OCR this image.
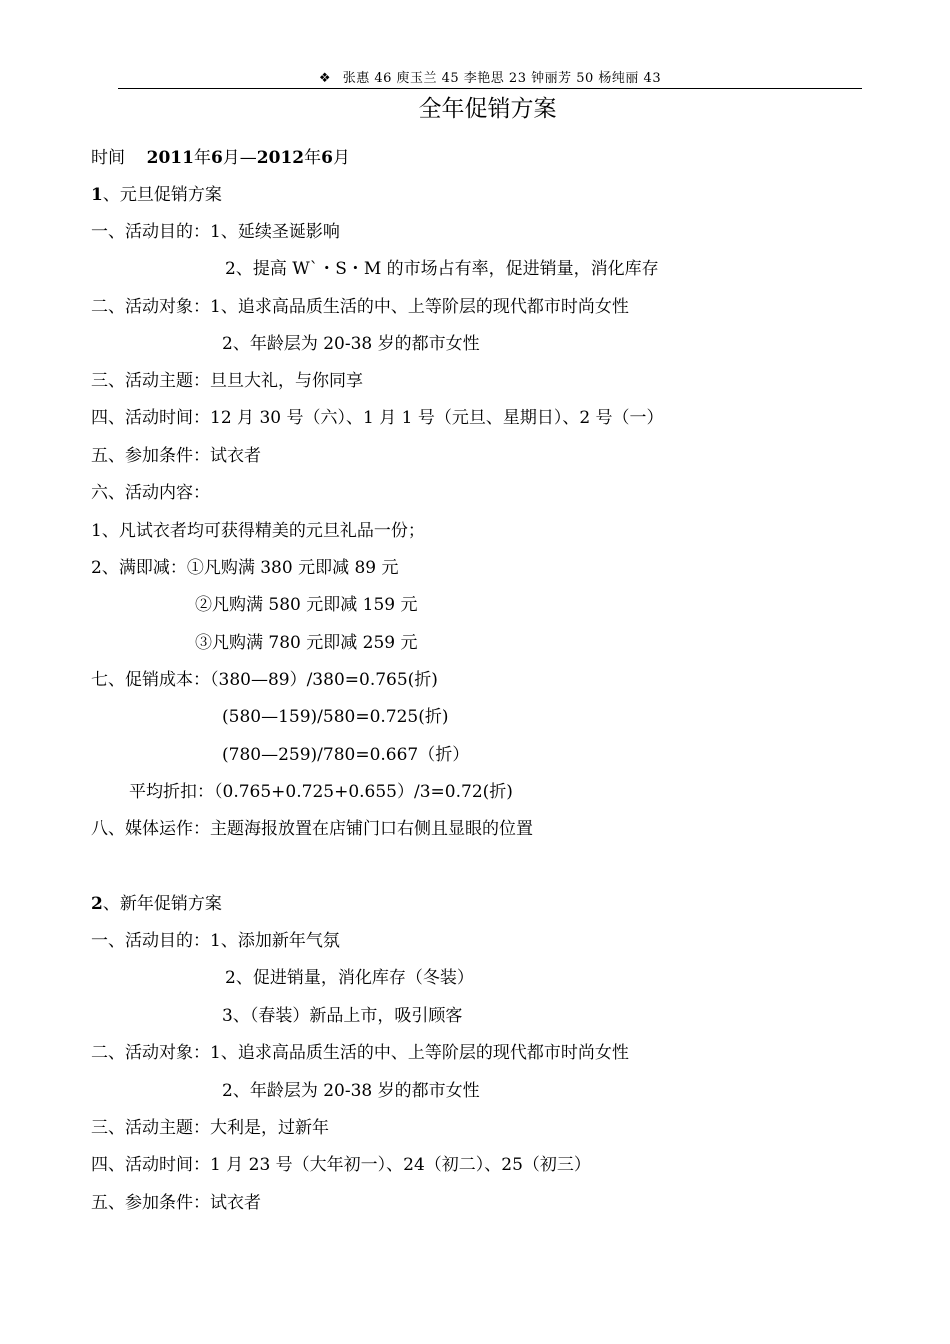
❖ 张惠 46 庾玉兰 45 李艳思 23 钟丽芳 50 杨纯丽 43
全年促销方案
时间 2011年6月—2012年6月
1、元旦促销方案
一、活动目的：1、延续圣诞影响
2、提高 W`・S・M 的市场占有率，促进销量，消化库存
二、活动对象：1、追求高品质生活的中、上等阶层的现代都市时尚女性
2、年龄层为 20-38 岁的都市女性
三、活动主题：旦旦大礼，与你同享
四、活动时间：12 月 30 号（六）、1 月 1 号（元旦、星期日）、2 号（一）
五、参加条件：试衣者
六、活动内容：
1、凡试衣者均可获得精美的元旦礼品一份；
2、满即减：①凡购满 380 元即减 89 元
②凡购满 580 元即减 159 元
③凡购满 780 元即减 259 元
七、促销成本：（380—89）/380=0.765(折)
(580—159)/580=0.725(折)
(780—259)/780=0.667（折）
平均折扣：（0.765+0.725+0.655）/3=0.72(折)
八、媒体运作：主题海报放置在店铺门口右侧且显眼的位置
2、新年促销方案
一、活动目的：1、添加新年气氛
2、促进销量，消化库存（冬装）
3、（春装）新品上市，吸引顾客
二、活动对象：1、追求高品质生活的中、上等阶层的现代都市时尚女性
2、年龄层为 20-38 岁的都市女性
三、活动主题：大利是，过新年
四、活动时间：1 月 23 号（大年初一）、24（初二）、25（初三）
五、参加条件：试衣者
